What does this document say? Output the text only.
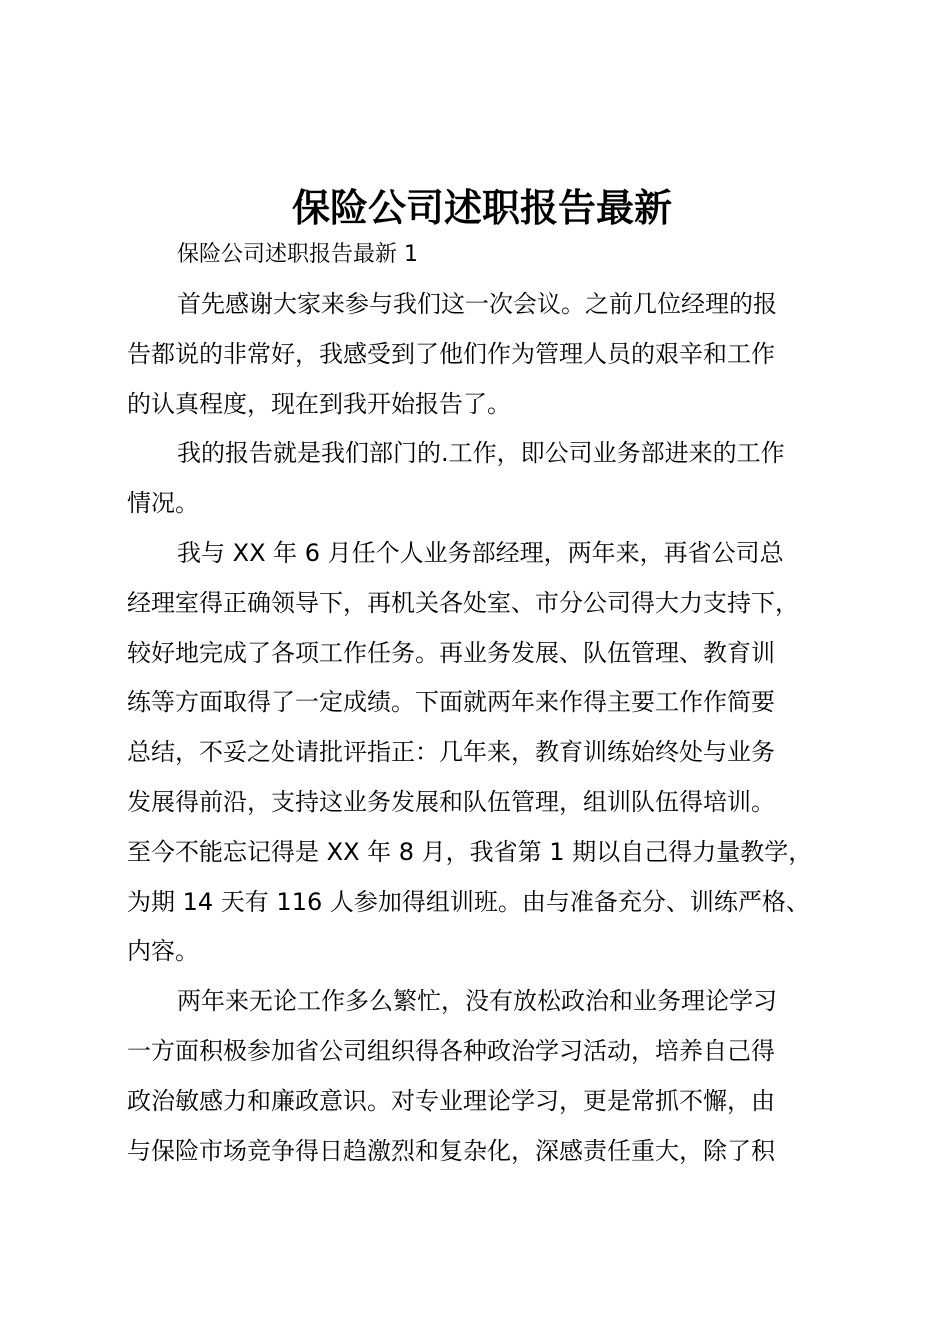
保险公司述职报告最新

保险公司述职报告最新 1

首先感谢大家来参与我们这一次会议。之前几位经理的报
告都说的非常好，我感受到了他们作为管理人员的艰辛和工作
的认真程度，现在到我开始报告了。

我的报告就是我们部门的.工作，即公司业务部进来的工作
情况。

我与 XX 年 6 月任个人业务部经理，两年来，再省公司总
经理室得正确领导下，再机关各处室、市分公司得大力支持下，
较好地完成了各项工作任务。再业务发展、队伍管理、教育训
练等方面取得了一定成绩。下面就两年来作得主要工作作简要
总结，不妥之处请批评指正：几年来，教育训练始终处与业务
发展得前沿，支持这业务发展和队伍管理，组训队伍得培训。
至今不能忘记得是 XX 年 8 月，我省第 1 期以自己得力量教学，
为期 14 天有 116 人参加得组训班。由与准备充分、训练严格、
内容。

两年来无论工作多么繁忙，没有放松政治和业务理论学习
一方面积极参加省公司组织得各种政治学习活动，培养自己得
政治敏感力和廉政意识。对专业理论学习，更是常抓不懈，由
与保险市场竞争得日趋激烈和复杂化，深感责任重大，除了积
